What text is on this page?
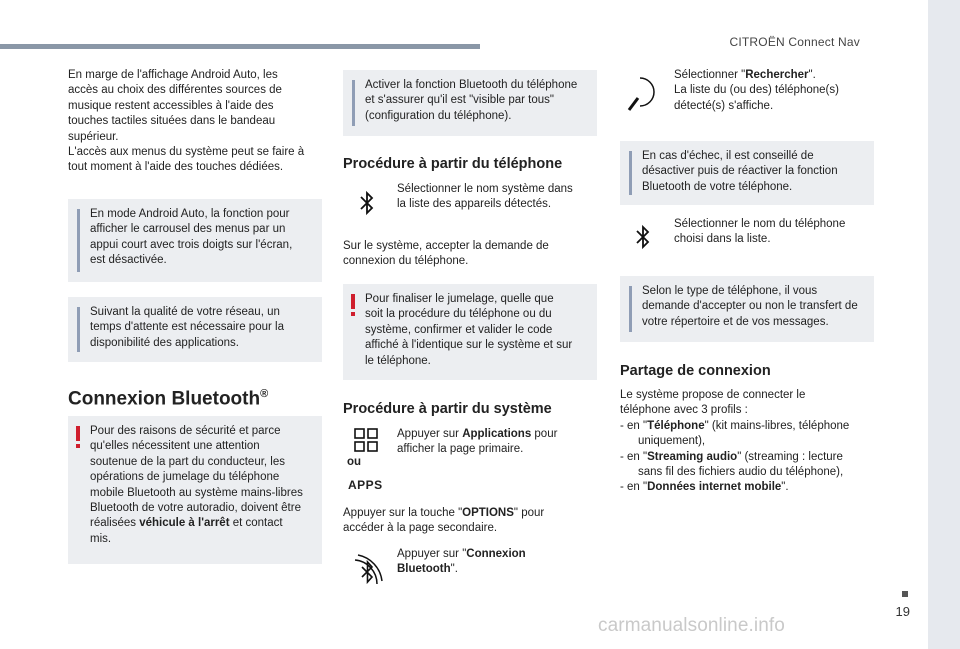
CITROËN Connect Nav
19
carmanualsonline.info
En marge de l'affichage Android Auto, les
accès au choix des différentes sources de
musique restent accessibles à l'aide des
touches tactiles situées dans le bandeau
supérieur.
L'accès aux menus du système peut se faire à
tout moment à l'aide des touches dédiées.
En mode Android Auto, la fonction pour
afficher le carrousel des menus par un
appui court avec trois doigts sur l'écran,
est désactivée.
Suivant la qualité de votre réseau, un
temps d'attente est nécessaire pour la
disponibilité des applications.
Connexion Bluetooth®
Pour des raisons de sécurité et parce
qu'elles nécessitent une attention
soutenue de la part du conducteur, les
opérations de jumelage du téléphone
mobile Bluetooth au système mains-libres
Bluetooth de votre autoradio, doivent être
réalisées véhicule à l'arrêt et contact
mis.
Activer la fonction Bluetooth du téléphone
et s'assurer qu'il est "visible par tous"
(configuration du téléphone).
Procédure à partir du téléphone
Sélectionner le nom système dans
la liste des appareils détectés.
Sur le système, accepter la demande de
connexion du téléphone.
Pour finaliser le jumelage, quelle que
soit la procédure du téléphone ou du
système, confirmer et valider le code
affiché à l'identique sur le système et sur
le téléphone.
Procédure à partir du système
ou
APPS
Appuyer sur Applications pour
afficher la page primaire.
Appuyer sur la touche "OPTIONS" pour
accéder à la page secondaire.
Appuyer sur "Connexion
Bluetooth".
Sélectionner "Rechercher".
La liste du (ou des) téléphone(s)
détecté(s) s'affiche.
En cas d'échec, il est conseillé de
désactiver puis de réactiver la fonction
Bluetooth de votre téléphone.
Sélectionner le nom du téléphone
choisi dans la liste.
Selon le type de téléphone, il vous
demande d'accepter ou non le transfert de
votre répertoire et de vos messages.
Partage de connexion
Le système propose de connecter le
téléphone avec 3 profils :
- en "Téléphone" (kit mains-libres, téléphone
uniquement),
- en "Streaming audio" (streaming : lecture
sans fil des fichiers audio du téléphone),
- en "Données internet mobile".
